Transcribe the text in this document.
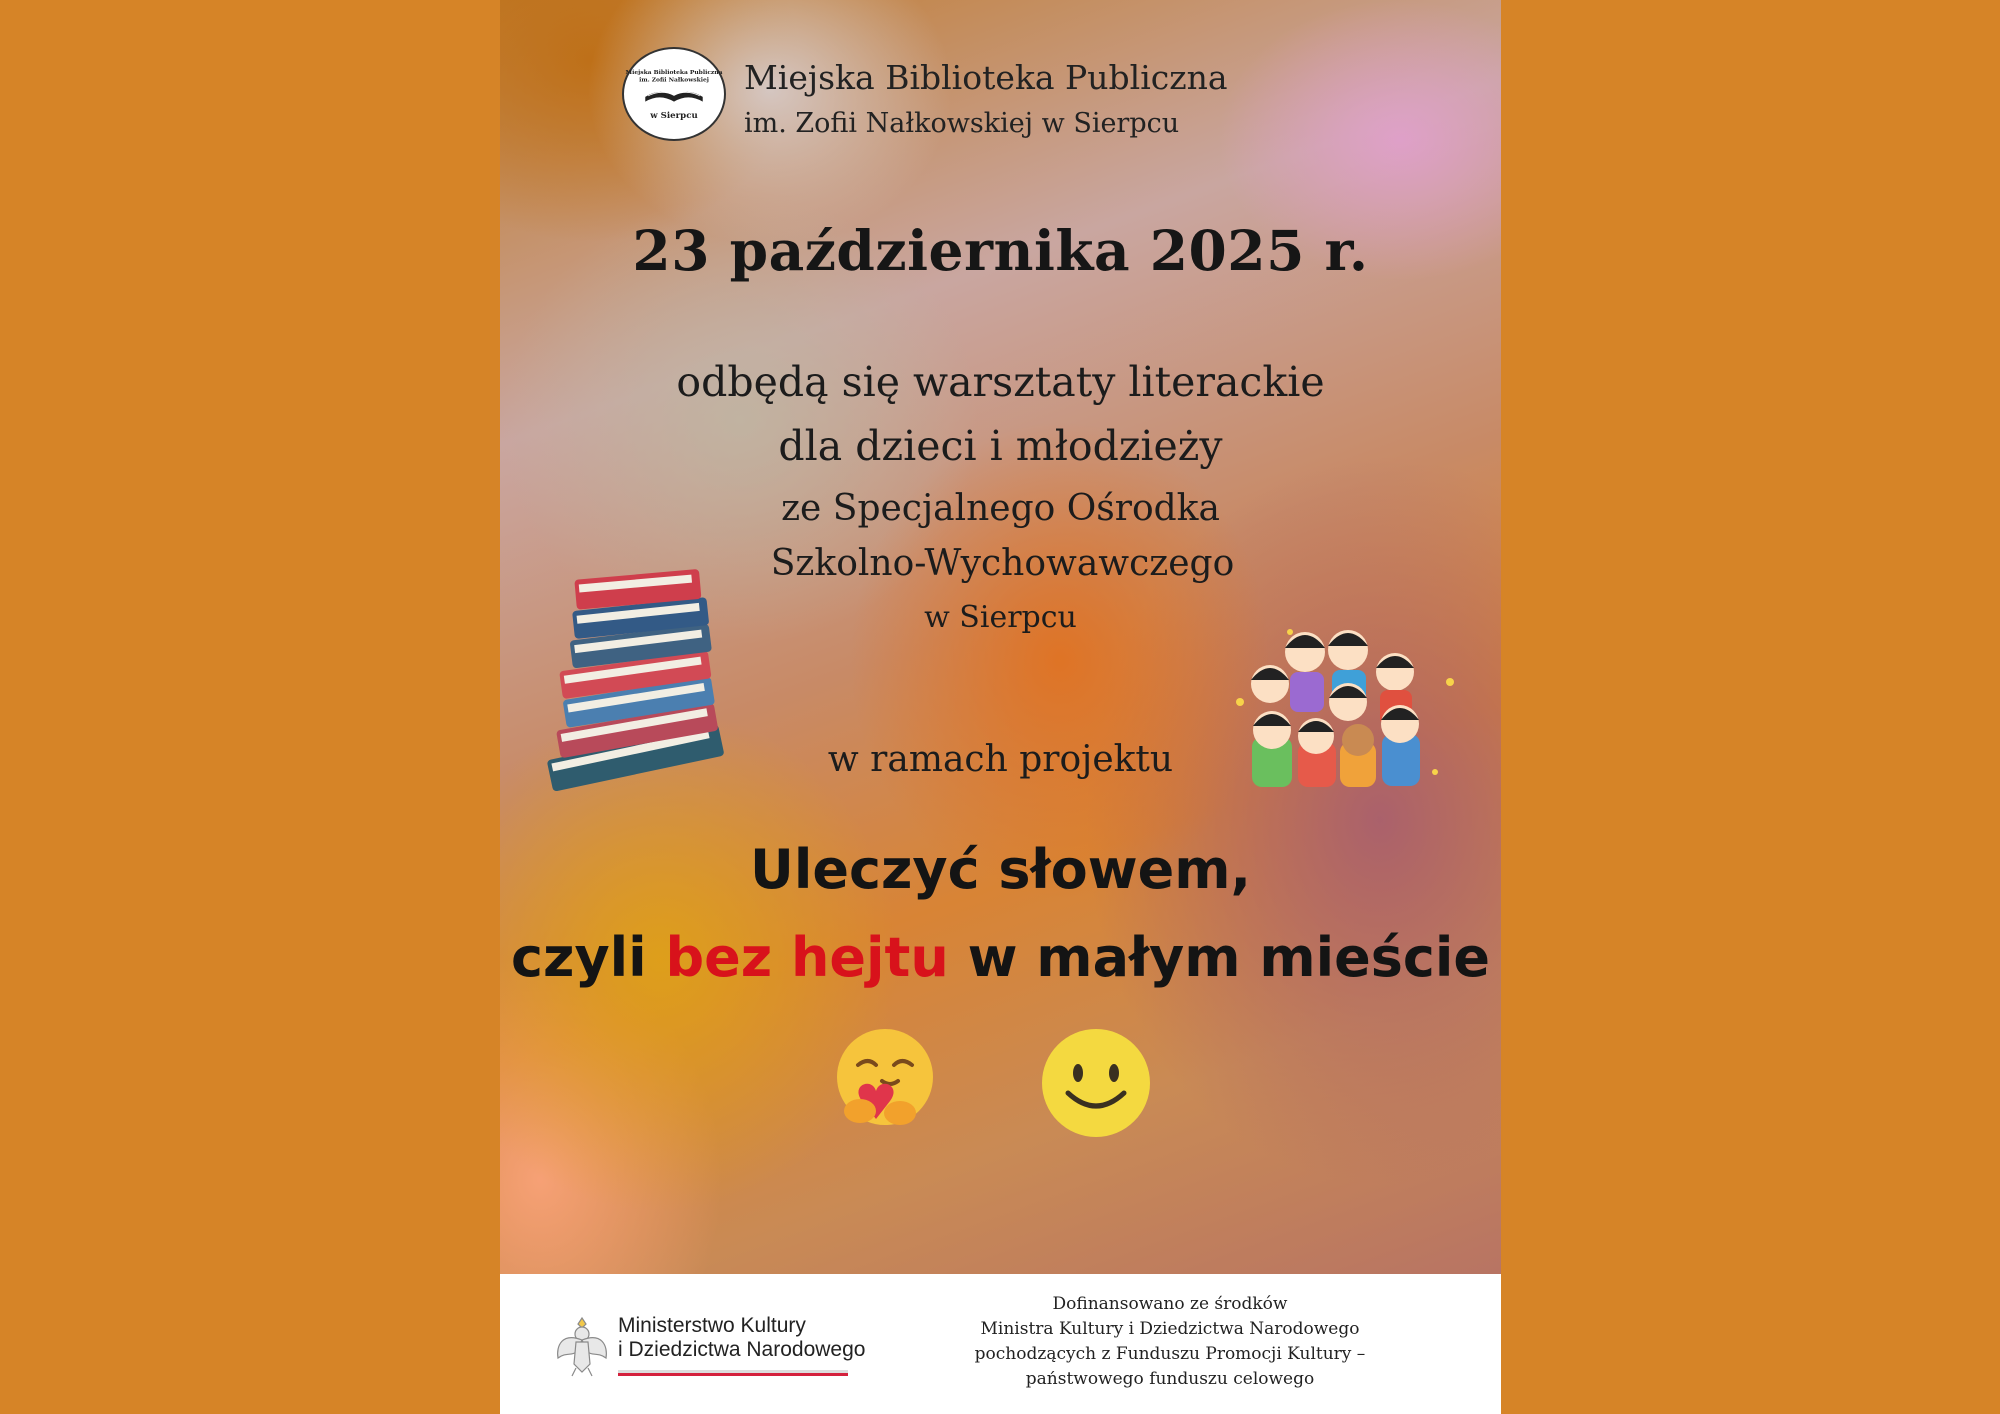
Miejska Biblioteka Publiczna
im. Zofii Nałkowskiej
w Sierpcu
Miejska Biblioteka Publiczna
im. Zofii Nałkowskiej w Sierpcu
23 października 2025 r.
odbędą się warsztaty literackie
dla dzieci i młodzieży
ze Specjalnego Ośrodka
Szkolno-Wychowawczego
w Sierpcu
w ramach projektu
Uleczyć słowem,
czyli bez hejtu w małym mieście
Ministerstwo Kultury
i Dziedzictwa Narodowego
Dofinansowano ze środków
Ministra Kultury i Dziedzictwa Narodowego
pochodzących z Funduszu Promocji Kultury –
państwowego funduszu celowego
